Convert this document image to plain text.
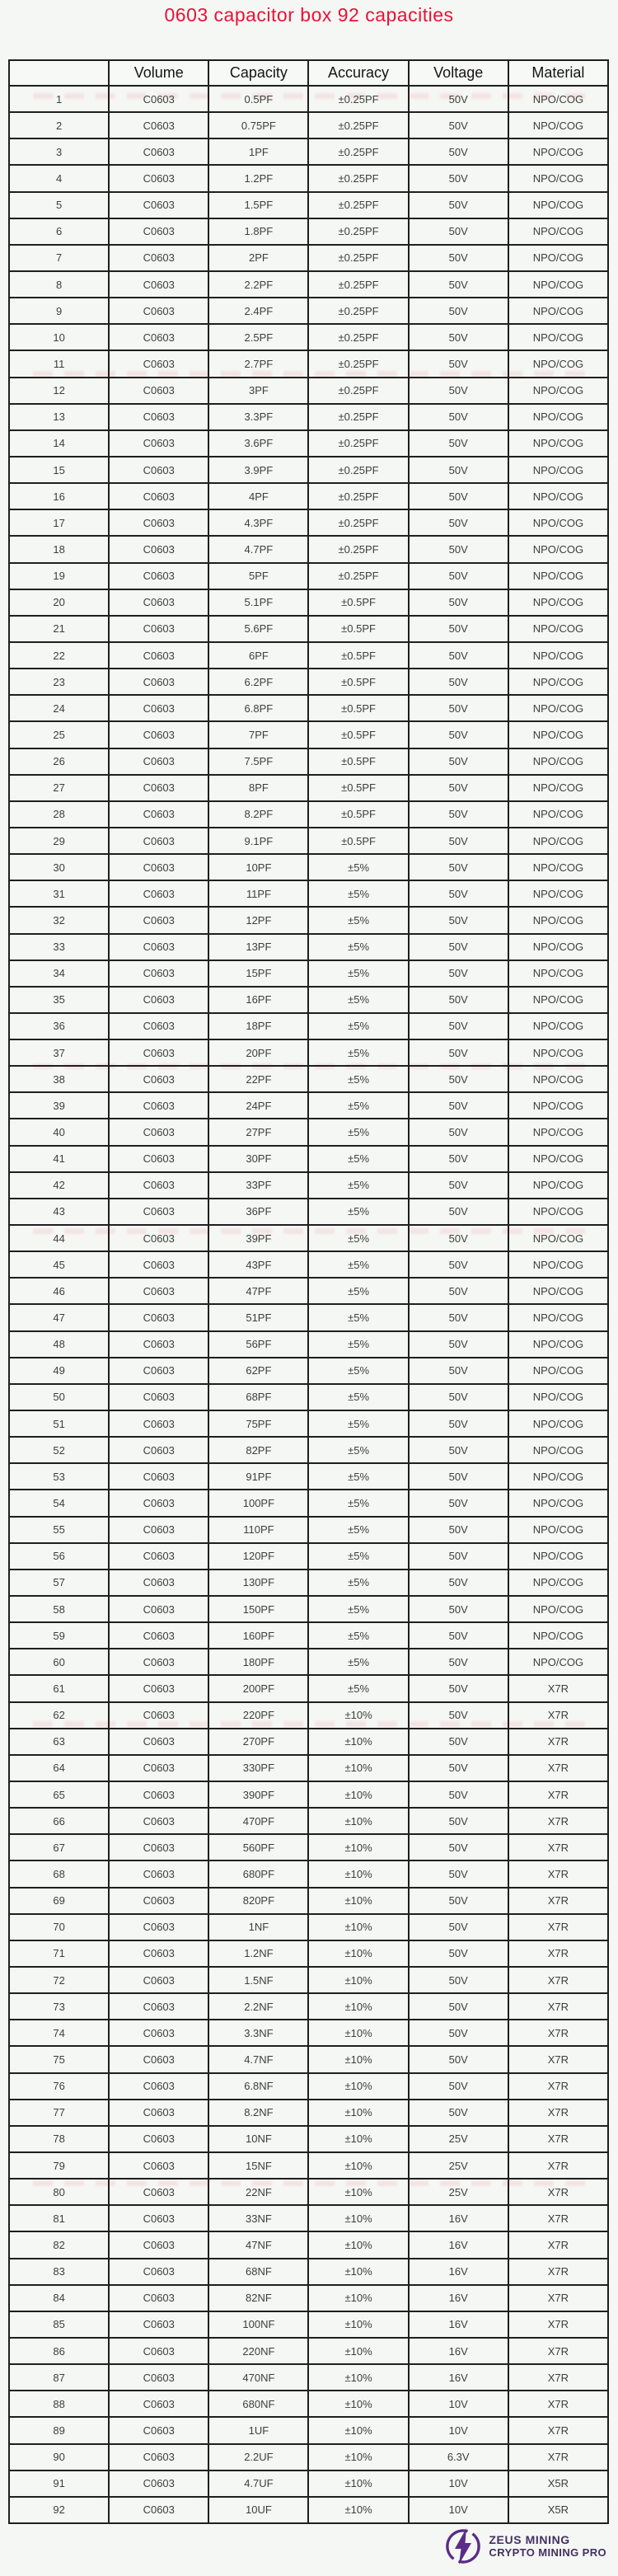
0603 capacitor box 92 capacities
	Volume	Capacity	Accuracy	Voltage	Material
1	C0603	0.5PF	±0.25PF	50V	NPO/COG
2	C0603	0.75PF	±0.25PF	50V	NPO/COG
3	C0603	1PF	±0.25PF	50V	NPO/COG
4	C0603	1.2PF	±0.25PF	50V	NPO/COG
5	C0603	1.5PF	±0.25PF	50V	NPO/COG
6	C0603	1.8PF	±0.25PF	50V	NPO/COG
7	C0603	2PF	±0.25PF	50V	NPO/COG
8	C0603	2.2PF	±0.25PF	50V	NPO/COG
9	C0603	2.4PF	±0.25PF	50V	NPO/COG
10	C0603	2.5PF	±0.25PF	50V	NPO/COG
11	C0603	2.7PF	±0.25PF	50V	NPO/COG
12	C0603	3PF	±0.25PF	50V	NPO/COG
13	C0603	3.3PF	±0.25PF	50V	NPO/COG
14	C0603	3.6PF	±0.25PF	50V	NPO/COG
15	C0603	3.9PF	±0.25PF	50V	NPO/COG
16	C0603	4PF	±0.25PF	50V	NPO/COG
17	C0603	4.3PF	±0.25PF	50V	NPO/COG
18	C0603	4.7PF	±0.25PF	50V	NPO/COG
19	C0603	5PF	±0.25PF	50V	NPO/COG
20	C0603	5.1PF	±0.5PF	50V	NPO/COG
21	C0603	5.6PF	±0.5PF	50V	NPO/COG
22	C0603	6PF	±0.5PF	50V	NPO/COG
23	C0603	6.2PF	±0.5PF	50V	NPO/COG
24	C0603	6.8PF	±0.5PF	50V	NPO/COG
25	C0603	7PF	±0.5PF	50V	NPO/COG
26	C0603	7.5PF	±0.5PF	50V	NPO/COG
27	C0603	8PF	±0.5PF	50V	NPO/COG
28	C0603	8.2PF	±0.5PF	50V	NPO/COG
29	C0603	9.1PF	±0.5PF	50V	NPO/COG
30	C0603	10PF	±5%	50V	NPO/COG
31	C0603	11PF	±5%	50V	NPO/COG
32	C0603	12PF	±5%	50V	NPO/COG
33	C0603	13PF	±5%	50V	NPO/COG
34	C0603	15PF	±5%	50V	NPO/COG
35	C0603	16PF	±5%	50V	NPO/COG
36	C0603	18PF	±5%	50V	NPO/COG
37	C0603	20PF	±5%	50V	NPO/COG
38	C0603	22PF	±5%	50V	NPO/COG
39	C0603	24PF	±5%	50V	NPO/COG
40	C0603	27PF	±5%	50V	NPO/COG
41	C0603	30PF	±5%	50V	NPO/COG
42	C0603	33PF	±5%	50V	NPO/COG
43	C0603	36PF	±5%	50V	NPO/COG
44	C0603	39PF	±5%	50V	NPO/COG
45	C0603	43PF	±5%	50V	NPO/COG
46	C0603	47PF	±5%	50V	NPO/COG
47	C0603	51PF	±5%	50V	NPO/COG
48	C0603	56PF	±5%	50V	NPO/COG
49	C0603	62PF	±5%	50V	NPO/COG
50	C0603	68PF	±5%	50V	NPO/COG
51	C0603	75PF	±5%	50V	NPO/COG
52	C0603	82PF	±5%	50V	NPO/COG
53	C0603	91PF	±5%	50V	NPO/COG
54	C0603	100PF	±5%	50V	NPO/COG
55	C0603	110PF	±5%	50V	NPO/COG
56	C0603	120PF	±5%	50V	NPO/COG
57	C0603	130PF	±5%	50V	NPO/COG
58	C0603	150PF	±5%	50V	NPO/COG
59	C0603	160PF	±5%	50V	NPO/COG
60	C0603	180PF	±5%	50V	NPO/COG
61	C0603	200PF	±5%	50V	X7R
62	C0603	220PF	±10%	50V	X7R
63	C0603	270PF	±10%	50V	X7R
64	C0603	330PF	±10%	50V	X7R
65	C0603	390PF	±10%	50V	X7R
66	C0603	470PF	±10%	50V	X7R
67	C0603	560PF	±10%	50V	X7R
68	C0603	680PF	±10%	50V	X7R
69	C0603	820PF	±10%	50V	X7R
70	C0603	1NF	±10%	50V	X7R
71	C0603	1.2NF	±10%	50V	X7R
72	C0603	1.5NF	±10%	50V	X7R
73	C0603	2.2NF	±10%	50V	X7R
74	C0603	3.3NF	±10%	50V	X7R
75	C0603	4.7NF	±10%	50V	X7R
76	C0603	6.8NF	±10%	50V	X7R
77	C0603	8.2NF	±10%	50V	X7R
78	C0603	10NF	±10%	25V	X7R
79	C0603	15NF	±10%	25V	X7R
80	C0603	22NF	±10%	25V	X7R
81	C0603	33NF	±10%	16V	X7R
82	C0603	47NF	±10%	16V	X7R
83	C0603	68NF	±10%	16V	X7R
84	C0603	82NF	±10%	16V	X7R
85	C0603	100NF	±10%	16V	X7R
86	C0603	220NF	±10%	16V	X7R
87	C0603	470NF	±10%	16V	X7R
88	C0603	680NF	±10%	10V	X7R
89	C0603	1UF	±10%	10V	X7R
90	C0603	2.2UF	±10%	6.3V	X7R
91	C0603	4.7UF	±10%	10V	X5R
92	C0603	10UF	±10%	10V	X5R
ZEUS MINING
CRYPTO MINING PRO
